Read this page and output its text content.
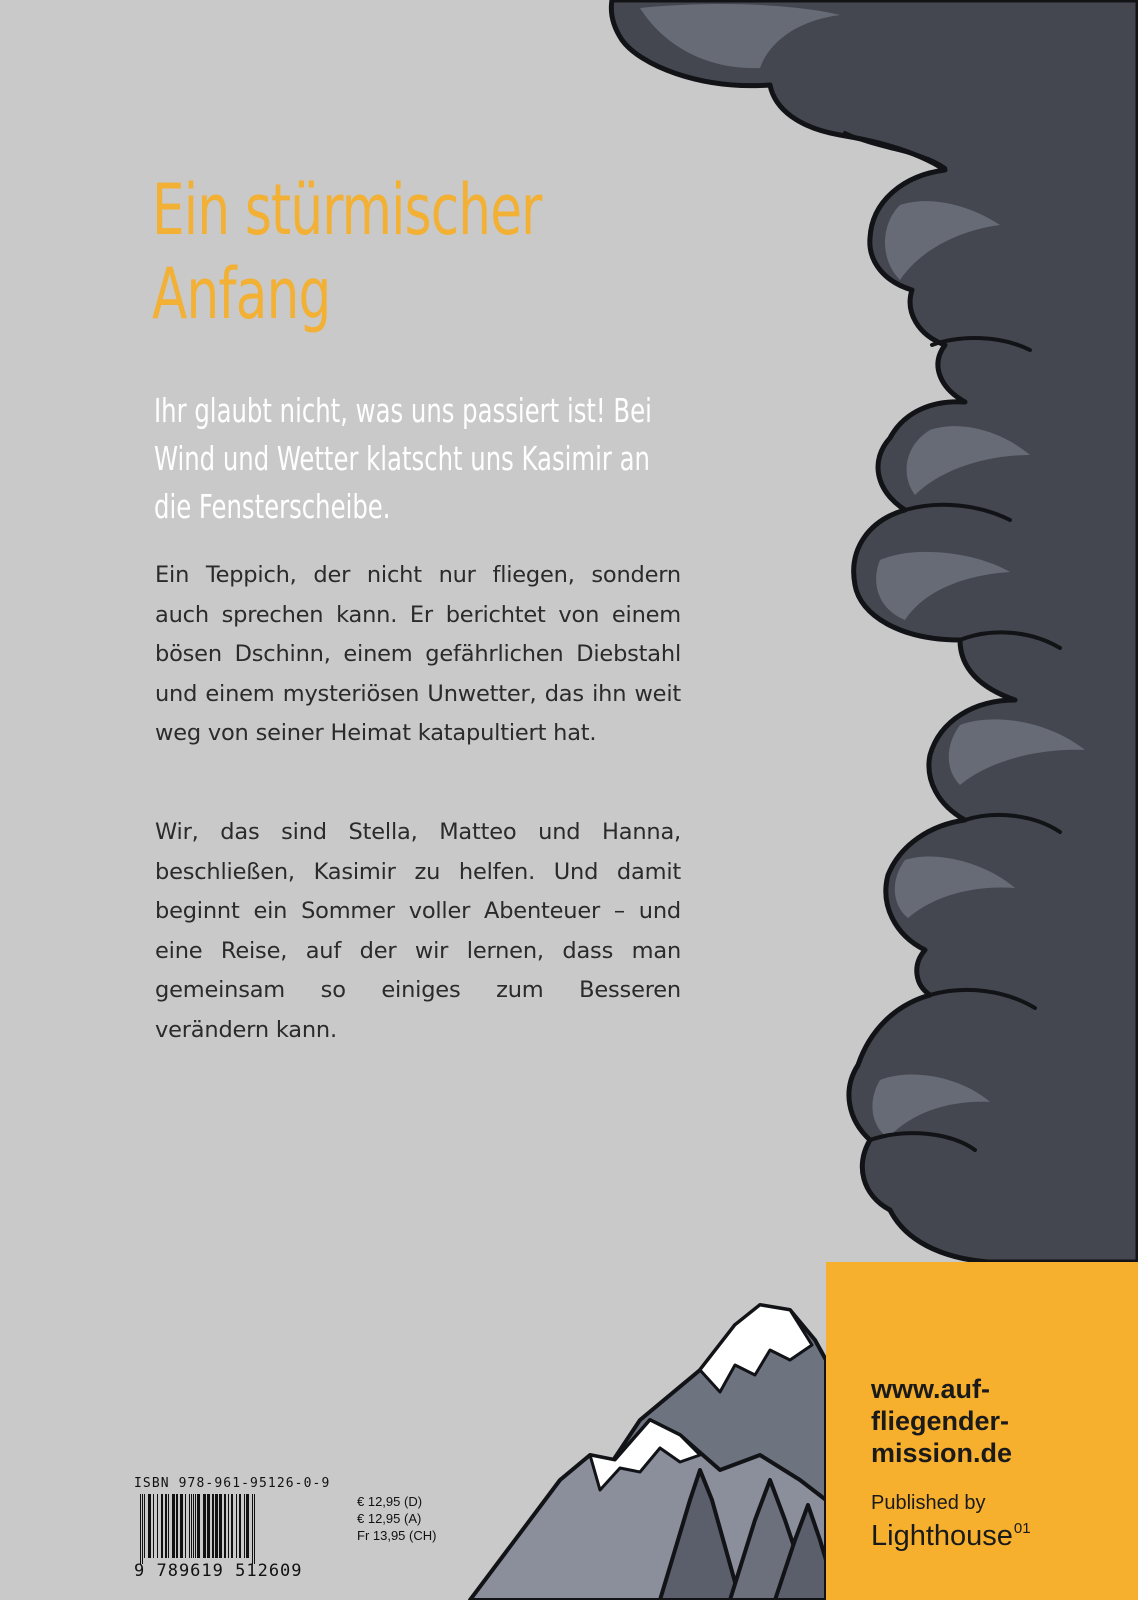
Ein stürmischer Anfang

Ihr glaubt nicht, was uns passiert ist! Bei Wind und Wetter klatscht uns Kasimir an die Fensterscheibe.

Ein Teppich, der nicht nur fliegen, sondern auch sprechen kann. Er berichtet von einem bösen Dschinn, einem gefährlichen Diebstahl und einem mysteriösen Unwetter, das ihn weit weg von seiner Heimat katapultiert hat.

Wir, das sind Stella, Matteo und Hanna, beschließen, Kasimir zu helfen. Und damit beginnt ein Sommer voller Abenteuer – und eine Reise, auf der wir lernen, dass man gemeinsam so einiges zum Besseren verändern kann.

www.auf-
fliegender-
mission.de

Published by

Lighthouse$^{01}$
ISBN 978-961-95126-0-9
9 789619 512609
€ 12,95 (D)
€ 12,95 (A)
Fr 13,95 (CH)
